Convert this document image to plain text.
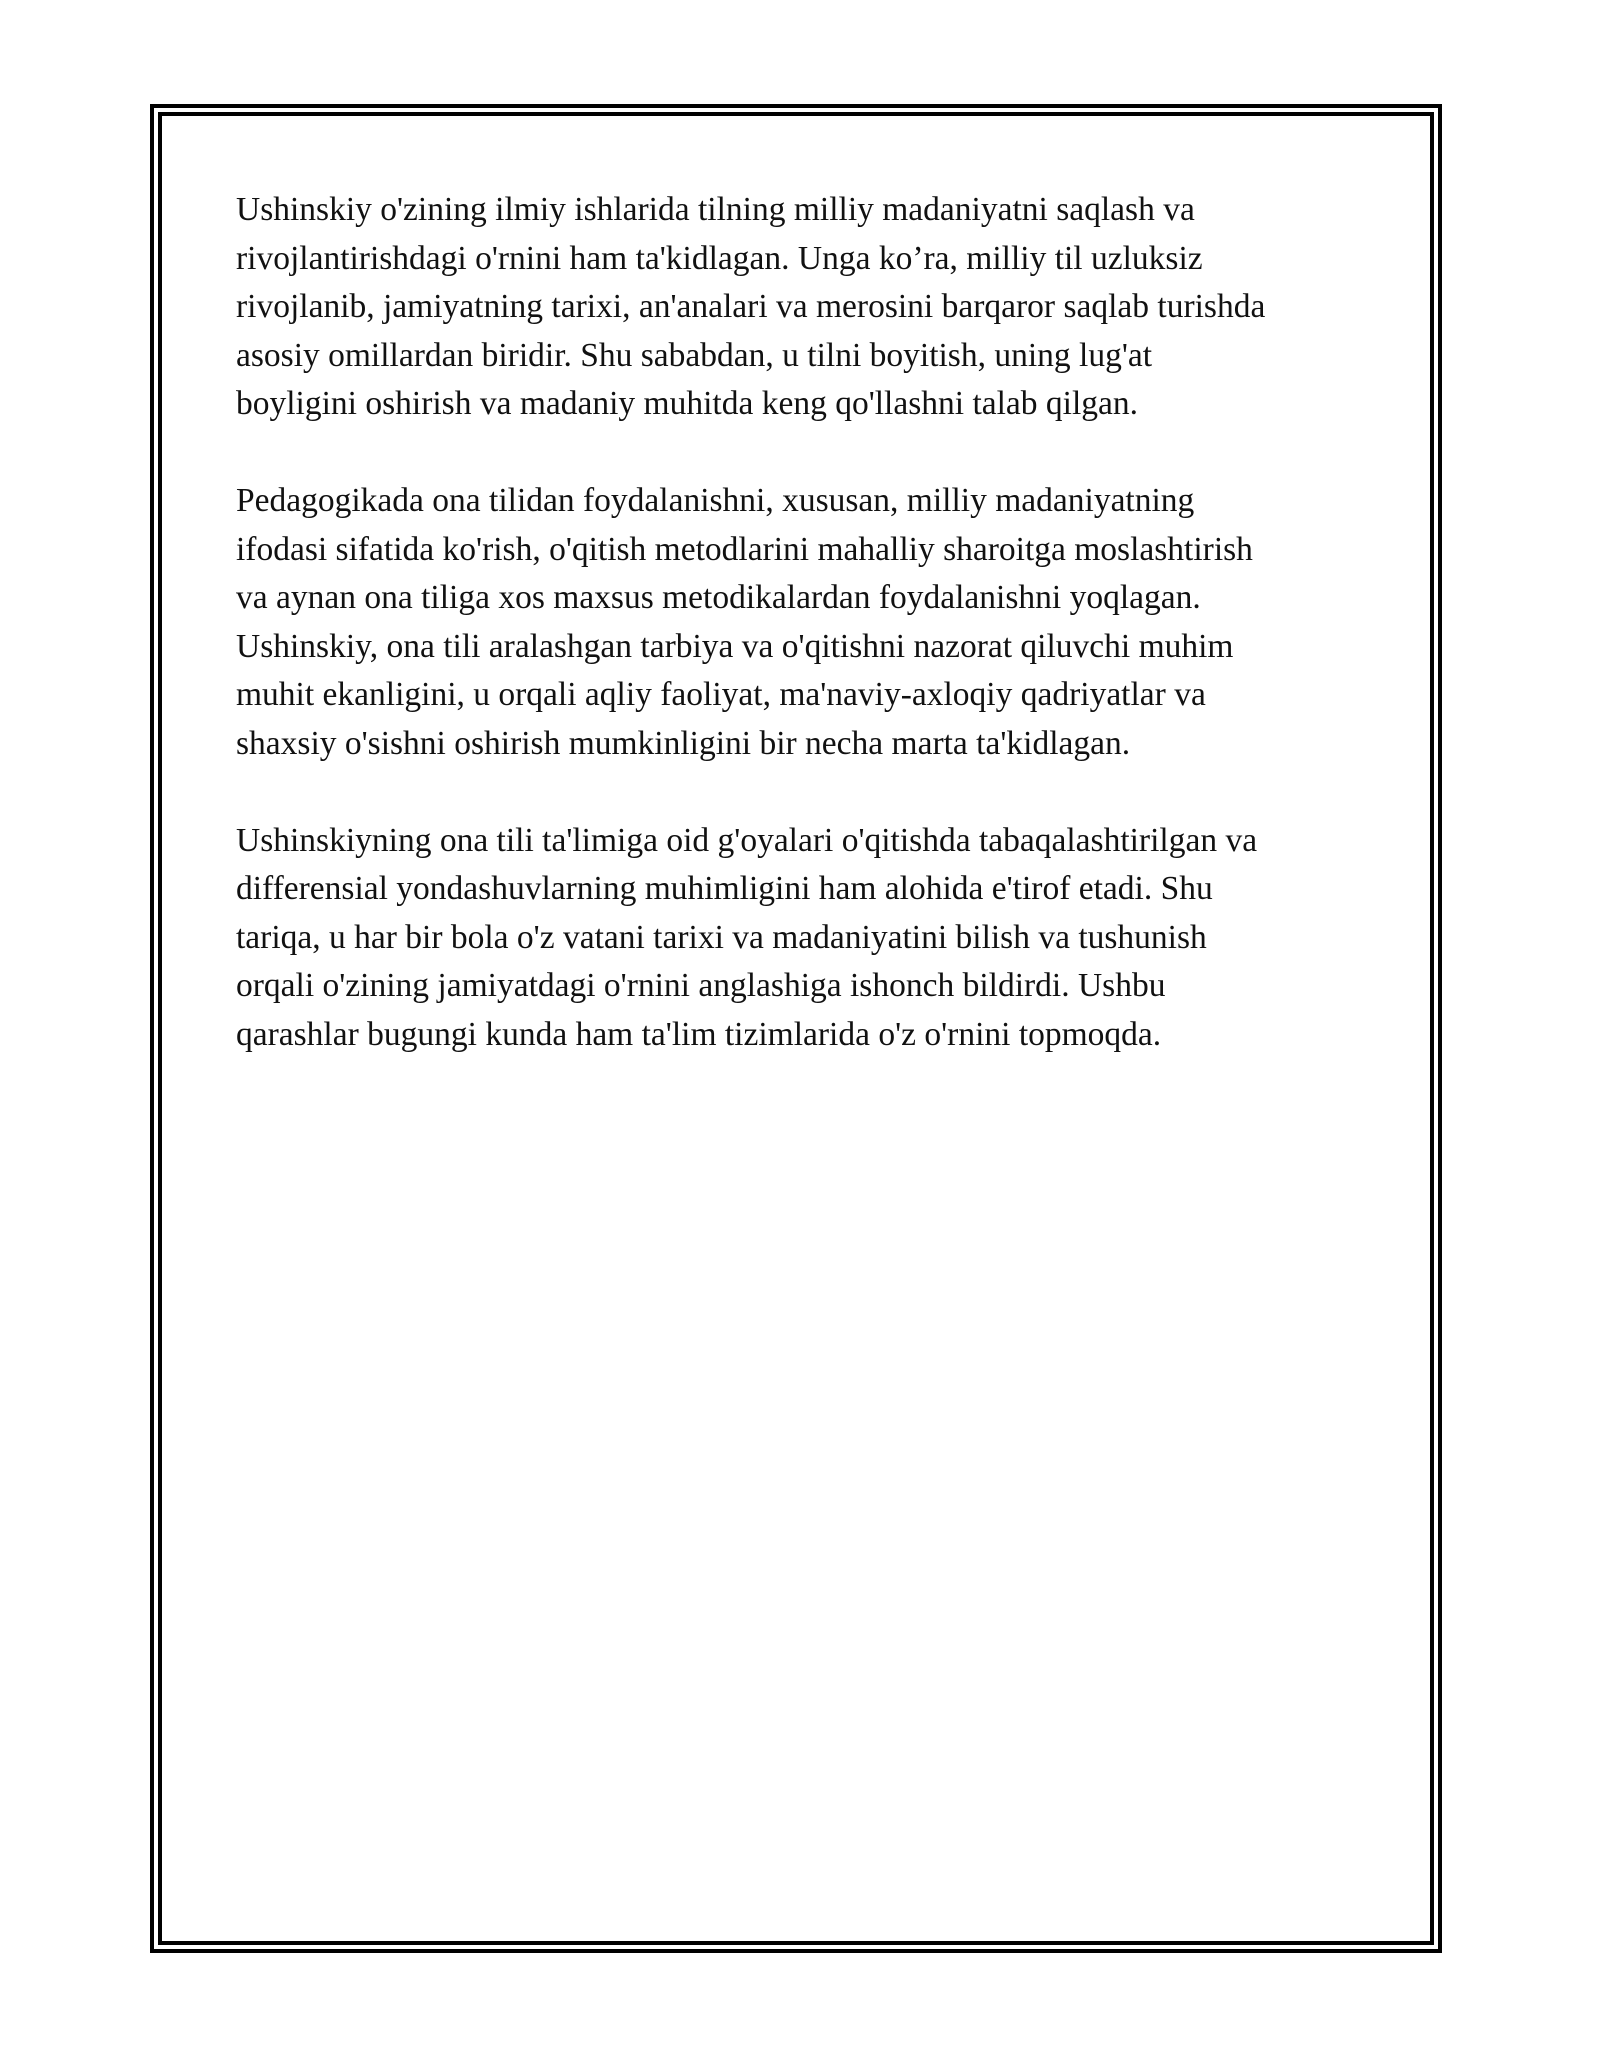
Ushinskiy o'zining ilmiy ishlarida tilning milliy madaniyatni saqlash va
rivojlantirishdagi o'rnini ham ta'kidlagan. Unga ko’ra, milliy til uzluksiz
rivojlanib, jamiyatning tarixi, an'analari va merosini barqaror saqlab turishda
asosiy omillardan biridir. Shu sababdan, u tilni boyitish, uning lug'at
boyligini oshirish va madaniy muhitda keng qo'llashni talab qilgan.

Pedagogikada ona tilidan foydalanishni, xususan, milliy madaniyatning
ifodasi sifatida ko'rish, o'qitish metodlarini mahalliy sharoitga moslashtirish
va aynan ona tiliga xos maxsus metodikalardan foydalanishni yoqlagan.
Ushinskiy, ona tili aralashgan tarbiya va o'qitishni nazorat qiluvchi muhim
muhit ekanligini, u orqali aqliy faoliyat, ma'naviy-axloqiy qadriyatlar va
shaxsiy o'sishni oshirish mumkinligini bir necha marta ta'kidlagan.

Ushinskiyning ona tili ta'limiga oid g'oyalari o'qitishda tabaqalashtirilgan va
differensial yondashuvlarning muhimligini ham alohida e'tirof etadi. Shu
tariqa, u har bir bola o'z vatani tarixi va madaniyatini bilish va tushunish
orqali o'zining jamiyatdagi o'rnini anglashiga ishonch bildirdi. Ushbu
qarashlar bugungi kunda ham ta'lim tizimlarida o'z o'rnini topmoqda.
